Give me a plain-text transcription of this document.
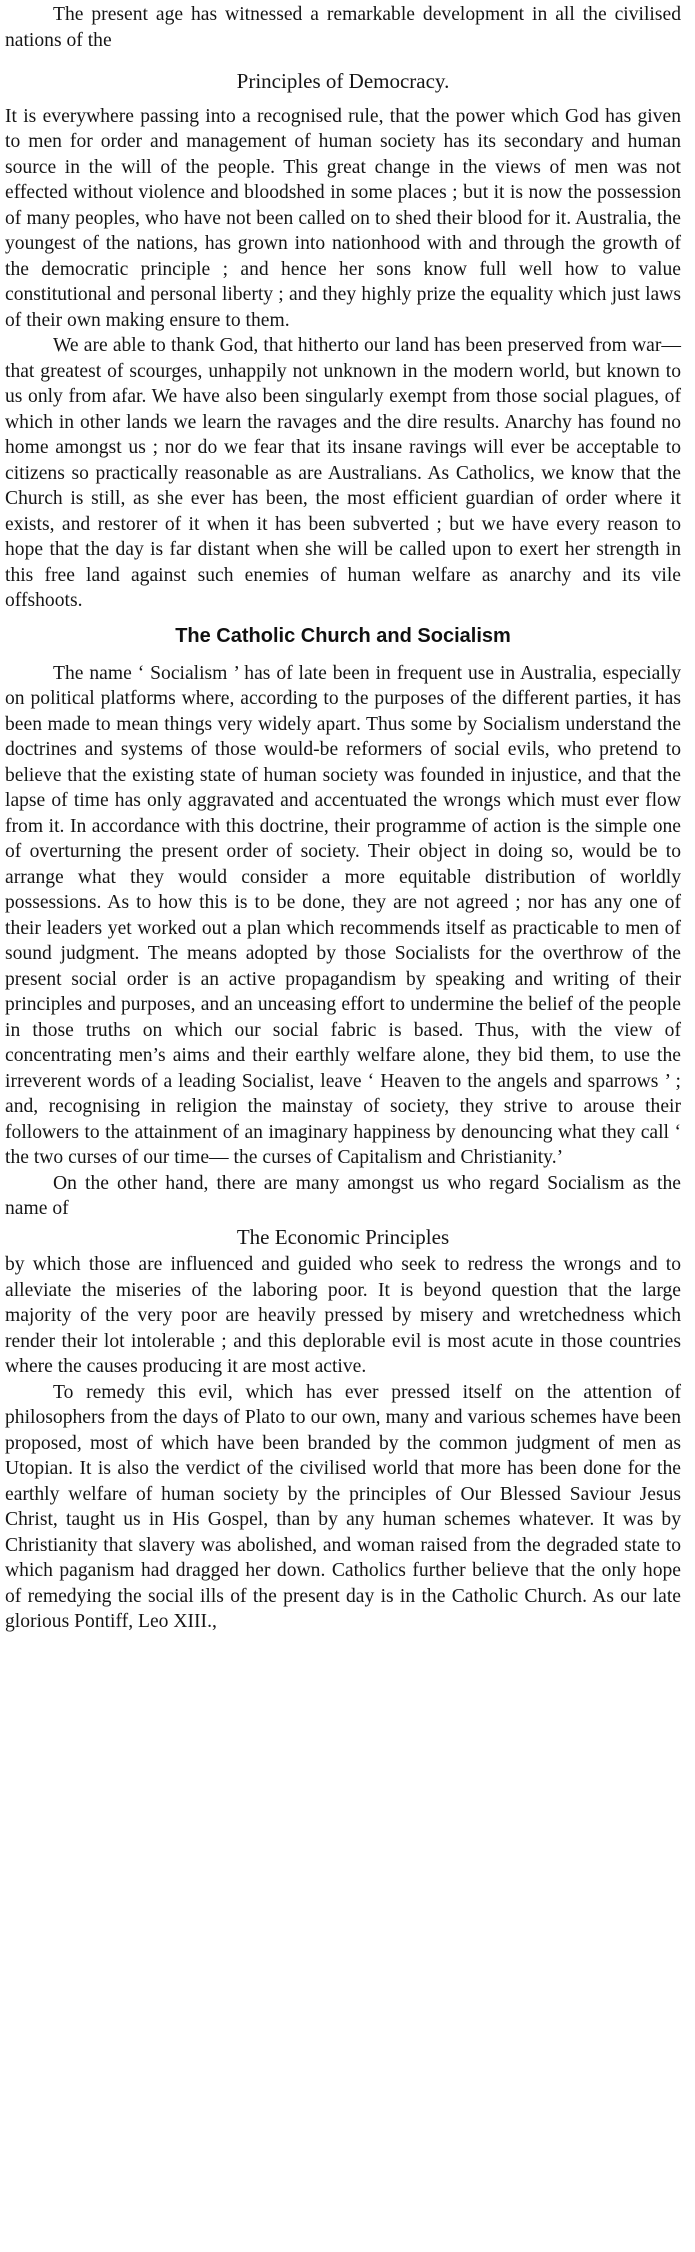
The present age has witnessed a remarkable development in all the civilised nations of the

Principles of Democracy.

It is everywhere passing into a recognised rule, that the power which God has given to men for order and management of human society has its secondary and human source in the will of the people. This great change in the views of men was not effected without violence and bloodshed in some places ; but it is now the possession of many peoples, who have not been called on to shed their blood for it. Australia, the youngest of the nations, has grown into nationhood with and through the growth of the democratic principle ; and hence her sons know full well how to value constitutional and personal liberty ; and they highly prize the equality which just laws of their own making ensure to them.

We are able to thank God, that hitherto our land has been preserved from war—that greatest of scourges, unhappily not unknown in the modern world, but known to us only from afar. We have also been singularly exempt from those social plagues, of which in other lands we learn the ravages and the dire results. Anarchy has found no home amongst us ; nor do we fear that its insane ravings will ever be acceptable to citizens so practically reasonable as are Australians. As Catholics, we know that the Church is still, as she ever has been, the most efficient guardian of order where it exists, and restorer of it when it has been subverted ; but we have every reason to hope that the day is far distant when she will be called upon to exert her strength in this free land against such enemies of human welfare as anarchy and its vile offshoots.

The Catholic Church and Socialism

The name ‘ Socialism ’ has of late been in frequent use in Australia, especially on political platforms where, according to the purposes of the different parties, it has been made to mean things very widely apart. Thus some by Socialism understand the doctrines and systems of those would-be reformers of social evils, who pretend to believe that the existing state of human society was founded in injustice, and that the lapse of time has only aggravated and accentuated the wrongs which must ever flow from it. In accordance with this doctrine, their programme of action is the simple one of overturning the present order of society. Their object in doing so, would be to arrange what they would consider a more equitable distribution of worldly possessions. As to how this is to be done, they are not agreed ; nor has any one of their leaders yet worked out a plan which recommends itself as practicable to men of sound judgment. The means adopted by those Socialists for the overthrow of the present social order is an active propagandism by speaking and writing of their principles and purposes, and an unceasing effort to undermine the belief of the people in those truths on which our social fabric is based. Thus, with the view of concentrating men’s aims and their earthly welfare alone, they bid them, to use the irreverent words of a leading Socialist, leave ‘ Heaven to the angels and sparrows ’ ; and, recognising in religion the mainstay of society, they strive to arouse their followers to the attainment of an imaginary happiness by denouncing what they call ‘ the two curses of our time— the curses of Capitalism and Christianity.’

On the other hand, there are many amongst us who regard Socialism as the name of

The Economic Principles

by which those are influenced and guided who seek to redress the wrongs and to alleviate the miseries of the laboring poor. It is beyond question that the large majority of the very poor are heavily pressed by misery and wretchedness which render their lot intolerable ; and this deplorable evil is most acute in those countries where the causes producing it are most active.

To remedy this evil, which has ever pressed itself on the attention of philosophers from the days of Plato to our own, many and various schemes have been proposed, most of which have been branded by the common judgment of men as Utopian. It is also the verdict of the civilised world that more has been done for the earthly welfare of human society by the principles of Our Blessed Saviour Jesus Christ, taught us in His Gospel, than by any human schemes whatever. It was by Christianity that slavery was abolished, and woman raised from the degraded state to which paganism had dragged her down. Catholics further believe that the only hope of remedying the social ills of the present day is in the Catholic Church. As our late glorious Pontiff, Leo XIII.,
